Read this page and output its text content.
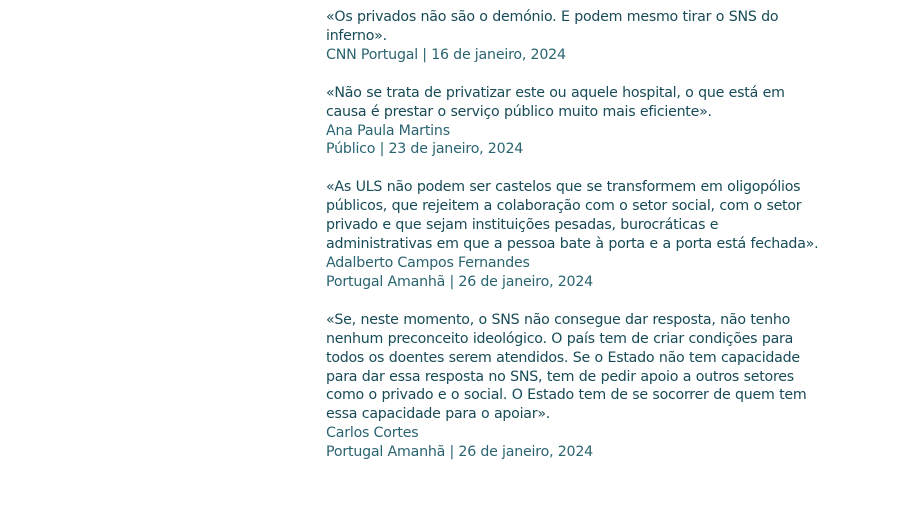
«Os privados não são o demónio. E podem mesmo tirar o SNS do inferno».
CNN Portugal | 16 de janeiro, 2024
«Não se trata de privatizar este ou aquele hospital, o que está em causa é prestar o serviço público muito mais eficiente».
Ana Paula Martins
Público | 23 de janeiro, 2024
«As ULS não podem ser castelos que se transformem em oligopólios públicos, que rejeitem a colaboração com o setor social, com o setor privado e que sejam instituições pesadas, burocráticas e administrativas em que a pessoa bate à porta e a porta está fechada».
Adalberto Campos Fernandes
Portugal Amanhã | 26 de janeiro, 2024
«Se, neste momento, o SNS não consegue dar resposta, não tenho nenhum preconceito ideológico. O país tem de criar condições para todos os doentes serem atendidos. Se o Estado não tem capacidade para dar essa resposta no SNS, tem de pedir apoio a outros setores como o privado e o social. O Estado tem de se socorrer de quem tem essa capacidade para o apoiar».
Carlos Cortes
Portugal Amanhã | 26 de janeiro, 2024
